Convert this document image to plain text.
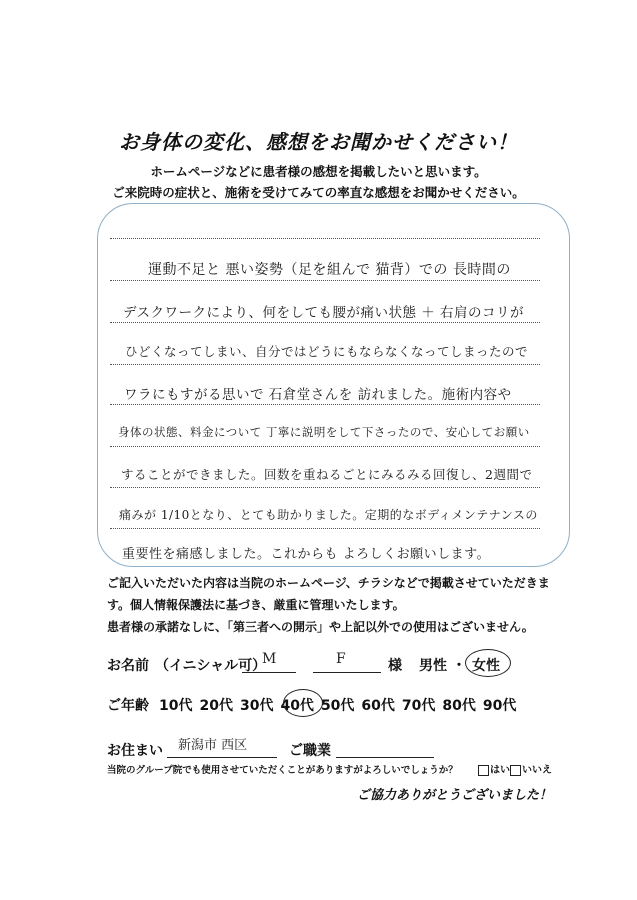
お身体の変化、感想をお聞かせください！
ホームページなどに患者様の感想を掲載したいと思います。
ご来院時の症状と、施術を受けてみての率直な感想をお聞かせください。
運動不足と 悪い姿勢（足を組んで 猫背）での 長時間の
デスクワークにより、何をしても腰が痛い状態 ＋ 右肩のコリが
ひどくなってしまい、自分ではどうにもならなくなってしまったので
ワラにもすがる思いで 石倉堂さんを 訪れました。施術内容や
身体の状態、料金について 丁寧に説明をして下さったので、安心してお願い
することができました。回数を重ねるごとにみるみる回復し、2週間で
痛みが 1/10となり、とても助かりました。定期的なボディメンテナンスの
重要性を痛感しました。これからも よろしくお願いします。
ご記入いただいた内容は当院のホームページ、チラシなどで掲載させていただきま
す。個人情報保護法に基づき、厳重に管理いたします。
患者様の承諾なしに、「第三者への開示」や上記以外での使用はございません。
お名前 （イニシャル可）
M	F	様 男性 ・ 女性
ご年齢 10代 20代 30代 40代 50代 60代 70代 80代 90代
お住まい 新潟市 西区	ご職業
当院のグループ院でも使用させていただくことがありますがよろしいでしょうか？	はい	いいえ
ご協力ありがとうございました！
